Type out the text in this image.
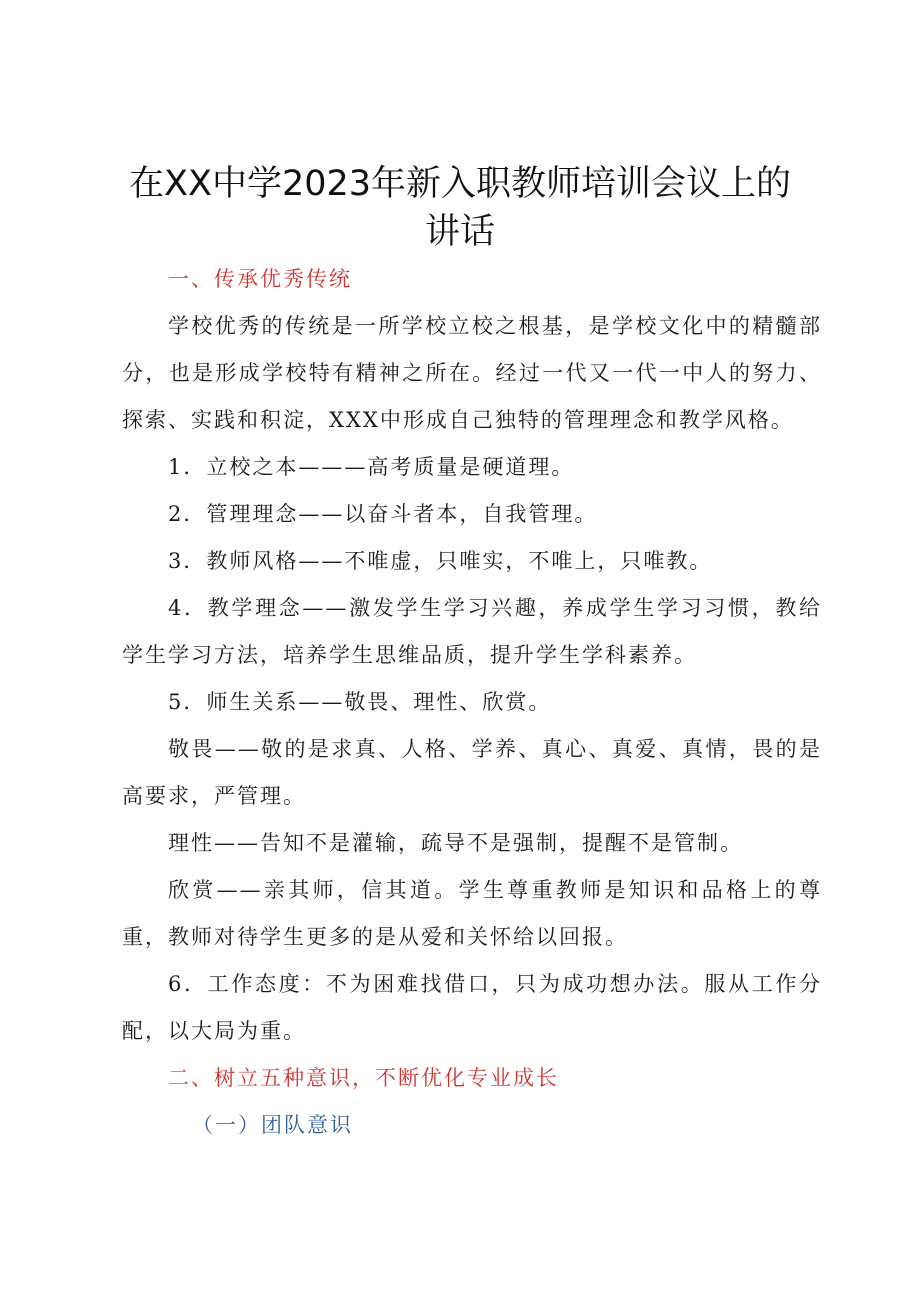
在XX中学2023年新入职教师培训会议上的
讲话

一、传承优秀传统

学校优秀的传统是一所学校立校之根基，是学校文化中的精髓部分，也是形成学校特有精神之所在。经过一代又一代一中人的努力、探索、实践和积淀，XXX中形成自己独特的管理理念和教学风格。

1．立校之本———高考质量是硬道理。

2．管理理念——以奋斗者本，自我管理。

3．教师风格——不唯虚，只唯实，不唯上，只唯教。

4．教学理念——激发学生学习兴趣，养成学生学习习惯，教给学生学习方法，培养学生思维品质，提升学生学科素养。

5．师生关系——敬畏、理性、欣赏。

敬畏——敬的是求真、人格、学养、真心、真爱、真情，畏的是高要求，严管理。

理性——告知不是灌输，疏导不是强制，提醒不是管制。

欣赏——亲其师，信其道。学生尊重教师是知识和品格上的尊重，教师对待学生更多的是从爱和关怀给以回报。

6．工作态度：不为困难找借口，只为成功想办法。服从工作分配，以大局为重。

二、树立五种意识，不断优化专业成长

（一）团队意识
